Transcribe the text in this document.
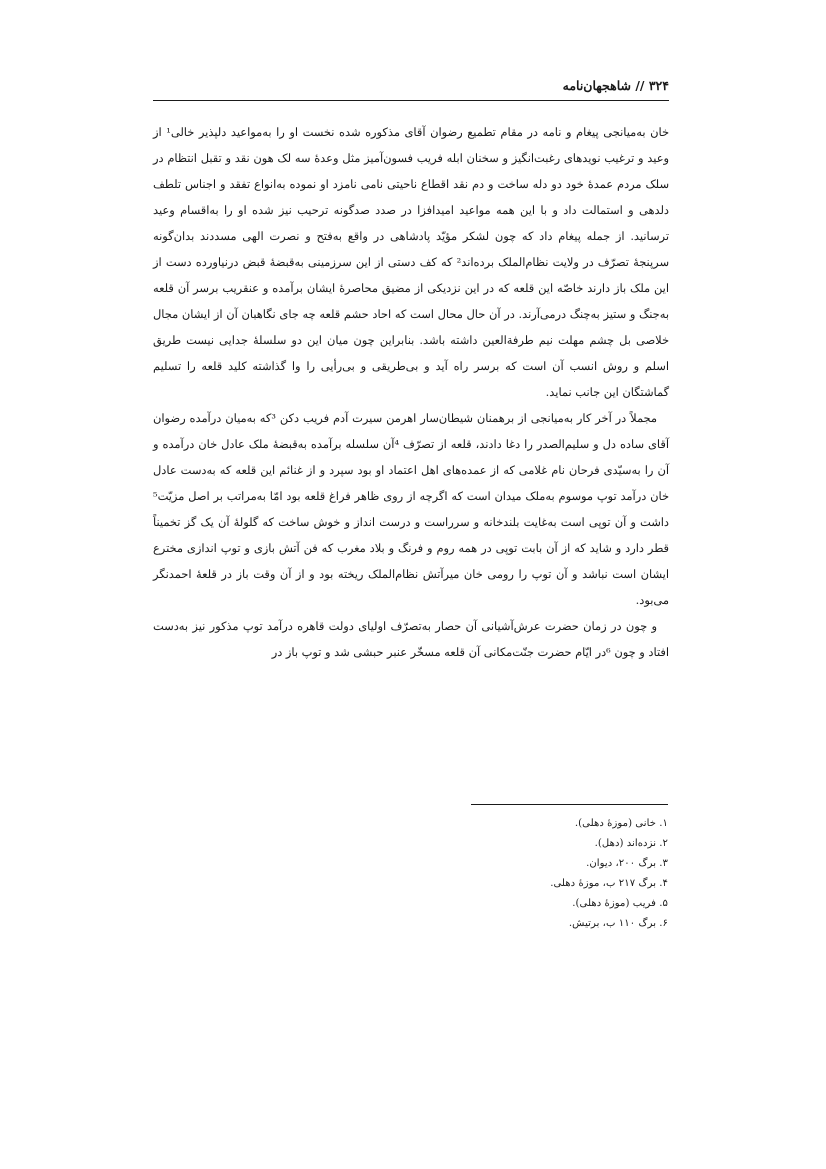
۳۲۴ // شاهجهان‌نامه

خان به‌میانجی پیغام و نامه در مقام تطمیع رضوان آقای مذکوره شده نخست او را به‌مواعید دلپذیر خالی¹ از وعید و ترغیب نویدهای رغبت‌انگیز و سخنان ابله فریب فسون‌آمیز مثل وعدهٔ سه لک هون نقد و تقبل انتظام در سلک مردم عمدهٔ خود دو دله ساخت و دم نقد اقطاع ناحیتی نامی نامزد او نموده به‌انواع تفقد و اجناس تلطف دلدهی و استمالت داد و با این همه مواعید امیدافزا در صدد صدگونه ترحیب نیز شده او را به‌اقسام وعید ترسانید. از جمله پیغام داد که چون لشکر مؤیّد پادشاهی در واقع به‌فتح و نصرت الهی مسددند بدان‌گونه سرپنجهٔ تصرّف در ولایت نظام‌الملک برده‌اند² که کف دستی از این سرزمینی به‌قبضهٔ قبض درنیاورده دست از این ملک باز دارند خاصّه این قلعه که در این نزدیکی از مضیق محاصرهٔ ایشان برآمده و عنقریب برسر آن قلعه به‌جنگ و ستیز به‌چنگ درمی‌آرند. در آن حال محال است که احاد حشم قلعه چه جای نگاهبان آن از ایشان مجال خلاصی بل چشم مهلت نیم طرفةالعین داشته باشد. بنابراین چون میان این دو سلسلهٔ جدایی نیست طریق اسلم و روش انسب آن است که برسر راه آید و بی‌طریقی و بی‌رأیی را وا گذاشته کلید قلعه را تسلیم گماشتگان این جانب نماید.

مجملاً در آخر کار به‌میانجی از برهمنان شیطان‌سار اهرمن سیرت آدم فریب دکن ³که به‌میان درآمده رضوان آقای ساده دل و سلیم‌الصدر را دغا دادند، قلعه از تصرّف ⁴آن سلسله برآمده به‌قبضهٔ ملک عادل خان درآمده و آن را به‌سیّدی فرحان نام غلامی که از عمده‌های اهل اعتماد او بود سپرد و از غنائم این قلعه که به‌دست عادل خان درآمد توپ موسوم به‌ملک میدان است که اگرچه از روی ظاهر فراغ قلعه بود امّا به‌مراتب بر اصل مزیّت⁵ داشت و آن توپی است به‌غایت بلندخانه و سرراست و درست انداز و خوش ساخت که گلولهٔ آن یک گز تخمیناً قطر دارد و شاید که از آن بابت توپی در همه روم و فرنگ و بلاد مغرب که فن آتش بازی و توپ اندازی مخترع ایشان است نباشد و آن توپ را رومی خان میرآتش نظام‌الملک ریخته بود و از آن وقت باز در قلعهٔ احمدنگر می‌بود.

و چون در زمان حضرت عرش‌آشیانی آن حصار به‌تصرّف اولیای دولت قاهره درآمد توپ مذکور نیز به‌دست افتاد و چون ⁶در ایّام حضرت جنّت‌مکانی آن قلعه مسخّر عنبر حبشی شد و توپ باز در

۱. خانی (موزهٔ دهلی).
۲. نزده‌اند (دهل).
۳. برگ ۲۰۰، دیوان.
۴. برگ ۲۱۷ ب، موزهٔ دهلی.
۵. فریب (موزهٔ دهلی).
۶. برگ ۱۱۰ ب، برتیش.
